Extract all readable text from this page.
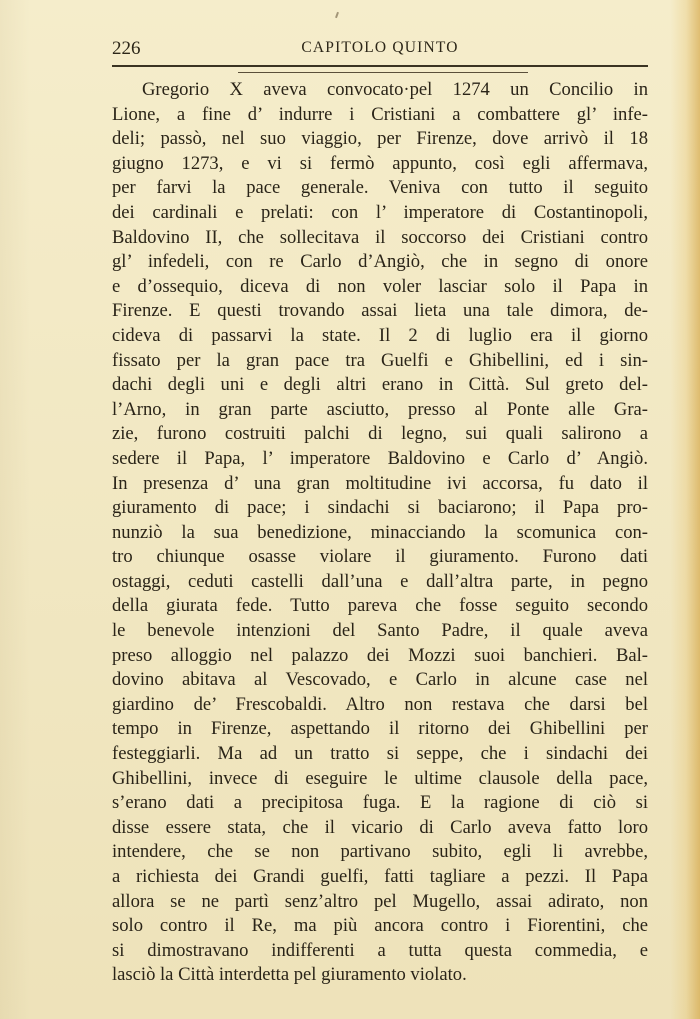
226	CAPITOLO QUINTO
Gregorio X aveva convocato·pel 1274 un Concilio in
Lione, a fine d’ indurre i Cristiani a combattere gl’ infe-
deli; passò, nel suo viaggio, per Firenze, dove arrivò il 18
giugno 1273, e vi si fermò appunto, così egli affermava,
per farvi la pace generale. Veniva con tutto il seguito
dei cardinali e prelati: con l’ imperatore di Costantinopoli,
Baldovino II, che sollecitava il soccorso dei Cristiani contro
gl’ infedeli, con re Carlo d’Angiò, che in segno di onore
e d’ossequio, diceva di non voler lasciar solo il Papa in
Firenze. E questi trovando assai lieta una tale dimora, de-
cideva di passarvi la state. Il 2 di luglio era il giorno
fissato per la gran pace tra Guelfi e Ghibellini, ed i sin-
dachi degli uni e degli altri erano in Città. Sul greto del-
l’Arno, in gran parte asciutto, presso al Ponte alle Gra-
zie, furono costruiti palchi di legno, sui quali salirono a
sedere il Papa, l’ imperatore Baldovino e Carlo d’ Angiò.
In presenza d’ una gran moltitudine ivi accorsa, fu dato il
giuramento di pace; i sindachi si baciarono; il Papa pro-
nunziò la sua benedizione, minacciando la scomunica con-
tro chiunque osasse violare il giuramento. Furono dati
ostaggi, ceduti castelli dall’una e dall’altra parte, in pegno
della giurata fede. Tutto pareva che fosse seguito secondo
le benevole intenzioni del Santo Padre, il quale aveva
preso alloggio nel palazzo dei Mozzi suoi banchieri. Bal-
dovino abitava al Vescovado, e Carlo in alcune case nel
giardino de’ Frescobaldi. Altro non restava che darsi bel
tempo in Firenze, aspettando il ritorno dei Ghibellini per
festeggiarli. Ma ad un tratto si seppe, che i sindachi dei
Ghibellini, invece di eseguire le ultime clausole della pace,
s’erano dati a precipitosa fuga. E la ragione di ciò si
disse essere stata, che il vicario di Carlo aveva fatto loro
intendere, che se non partivano subito, egli li avrebbe,
a richiesta dei Grandi guelfi, fatti tagliare a pezzi. Il Papa
allora se ne partì senz’altro pel Mugello, assai adirato, non
solo contro il Re, ma più ancora contro i Fiorentini, che
si dimostravano indifferenti a tutta questa commedia, e
lasciò la Città interdetta pel giuramento violato.
